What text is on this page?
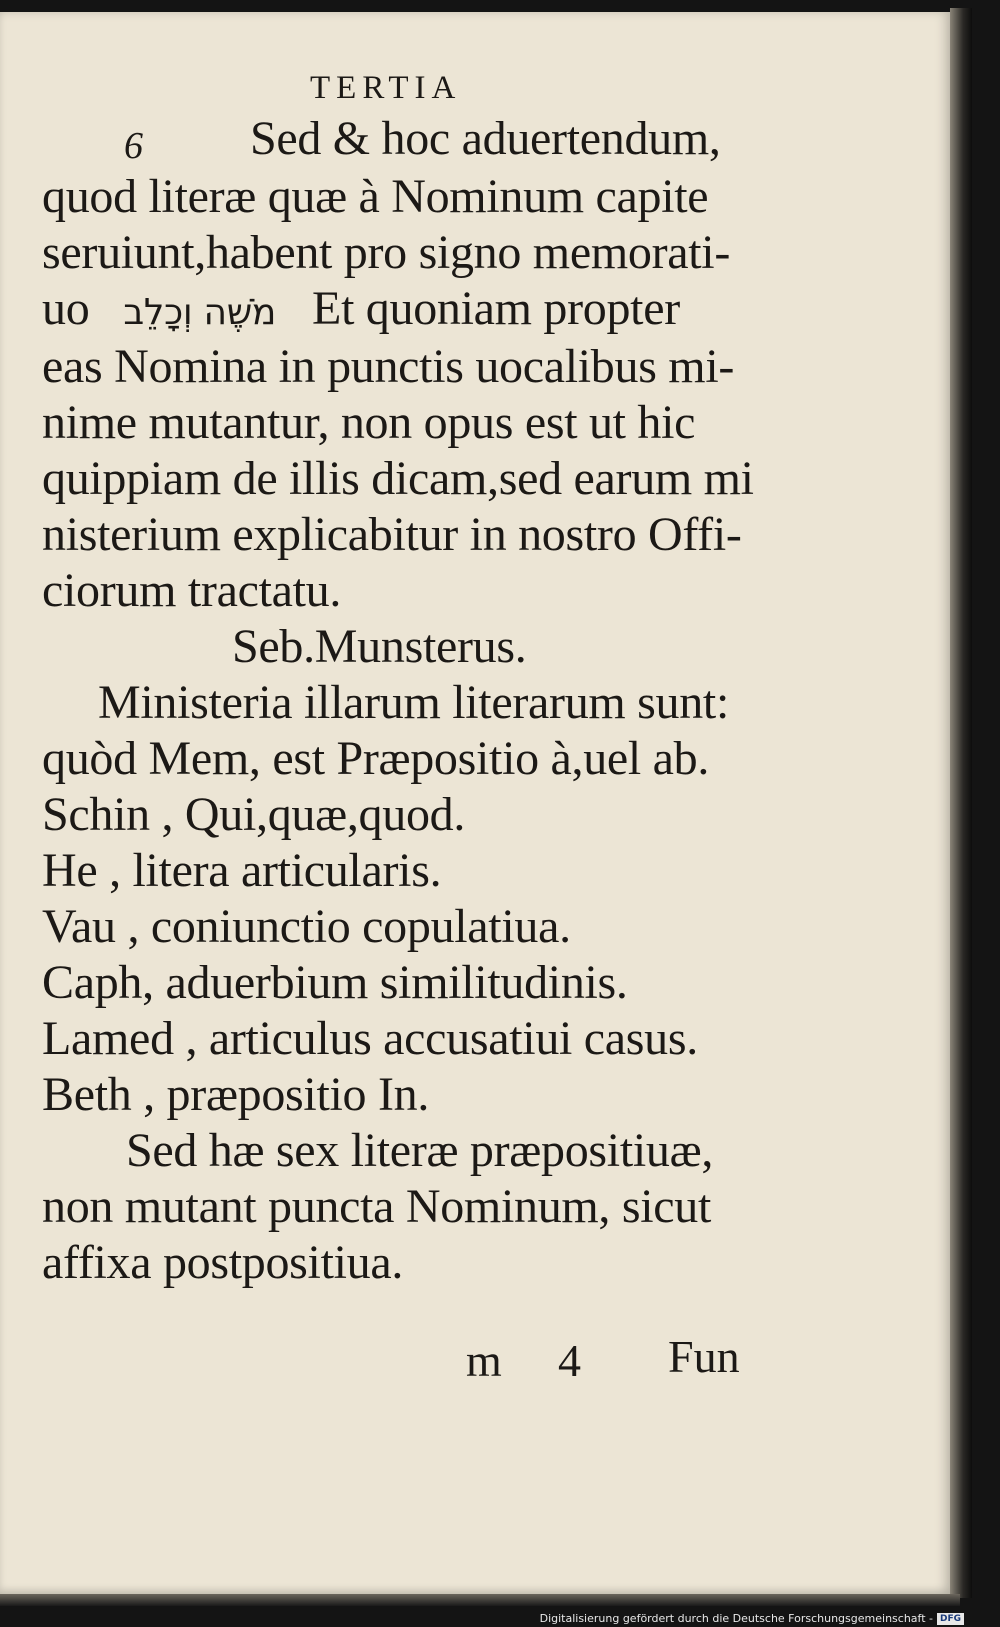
TERTIA
6 Sed & hoc aduertendum,
quod literæ quæ à Nominum capite
seruiunt,habent pro signo memorati-
uo מֹשֶׁה וְכָלֵב Et quoniam propter
eas Nomina in punctis uocalibus mi-
nime mutantur, non opus est ut hic
quippiam de illis dicam,sed earum mi
nisterium explicabitur in nostro Offi-
ciorum tractatu.
Seb.Munsterus.
Ministeria illarum literarum sunt:
quòd Mem, est Præpositio à,uel ab.
Schin , Qui,quæ,quod.
He , litera articularis.
Vau , coniunctio copulatiua.
Caph, aduerbium similitudinis.
Lamed , articulus accusatiui casus.
Beth , præpositio In.
Sed hæ sex literæ præpositiuæ,
non mutant puncta Nominum, sicut
affixa postpositiua.
m 4 Fun
Digitalisierung gefördert durch die Deutsche Forschungsgemeinschaft - DFG
